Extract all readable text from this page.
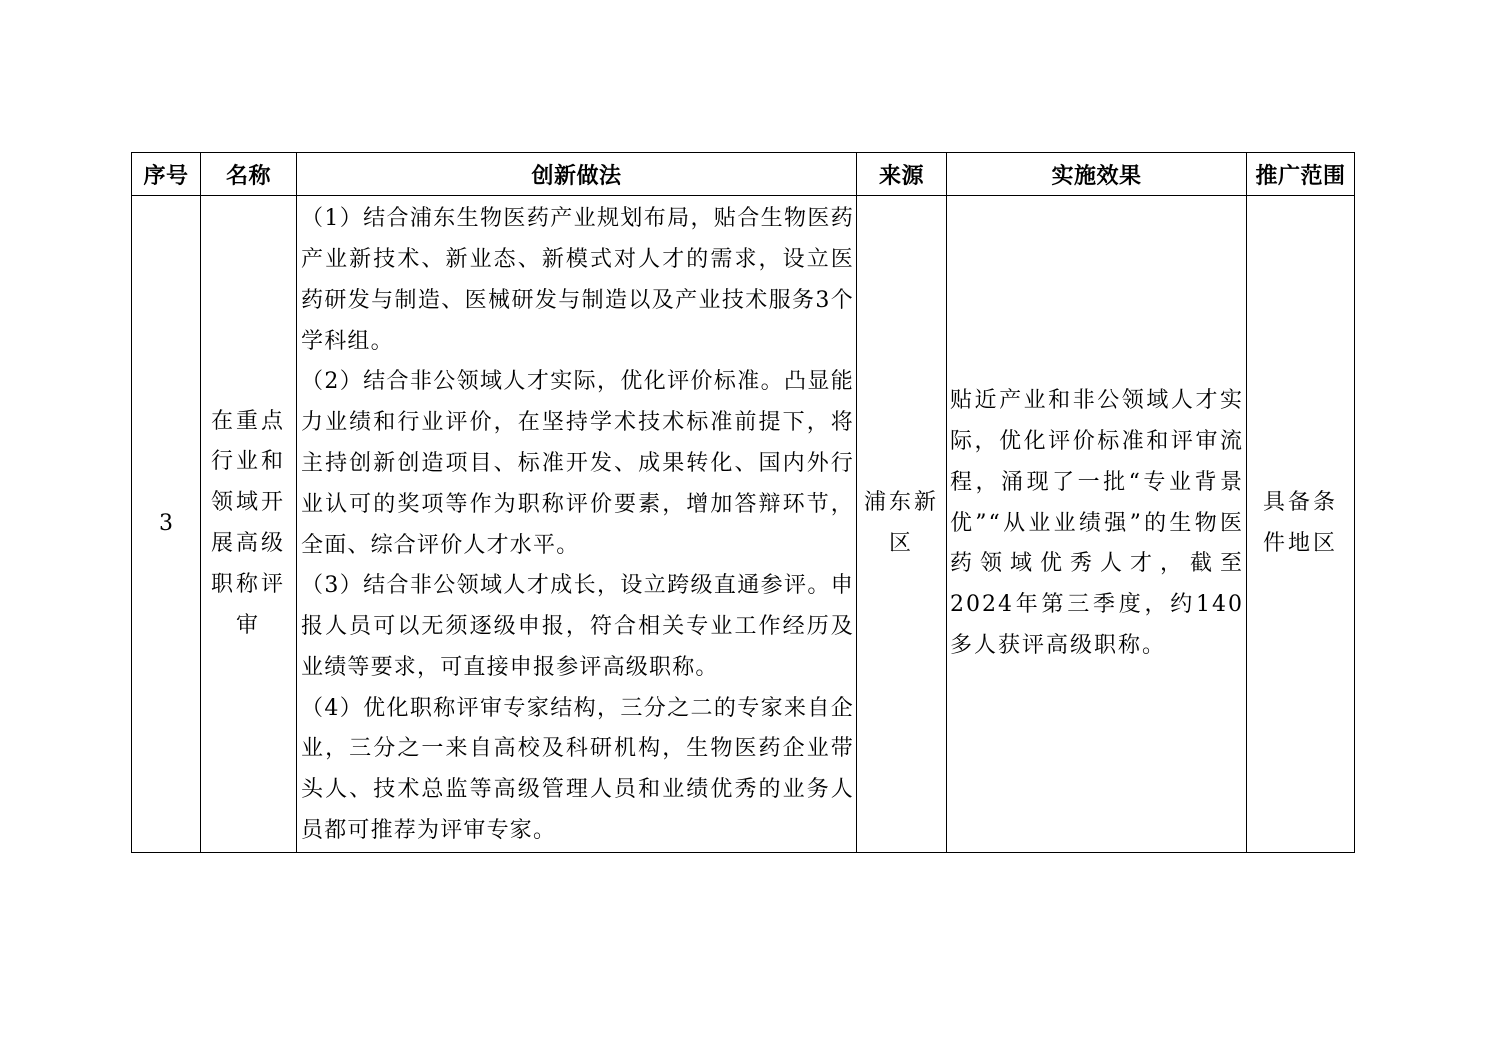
序号	名称	创新做法	来源	实施效果	推广范围
3	在重点行业和领域开展高级职称评审	（1）结合浦东生物医药产业规划布局，贴合生物医药产业新技术、新业态、新模式对人才的需求，设立医药研发与制造、医械研发与制造以及产业技术服务3个学科组。

（2）结合非公领域人才实际，优化评价标准。凸显能力业绩和行业评价，在坚持学术技术标准前提下，将主持创新创造项目、标准开发、成果转化、国内外行业认可的奖项等作为职称评价要素，增加答辩环节，全面、综合评价人才水平。

（3）结合非公领域人才成长，设立跨级直通参评。申报人员可以无须逐级申报，符合相关专业工作经历及业绩等要求，可直接申报参评高级职称。

（4）优化职称评审专家结构，三分之二的专家来自企业，三分之一来自高校及科研机构，生物医药企业带头人、技术总监等高级管理人员和业绩优秀的业务人员都可推荐为评审专家。	浦东新区	贴近产业和非公领域人才实际，优化评价标准和评审流程，涌现了一批“专业背景优”“从业业绩强”的生物医药领域优秀人才，截至2024年第三季度，约140多人获评高级职称。	具备条件地区
